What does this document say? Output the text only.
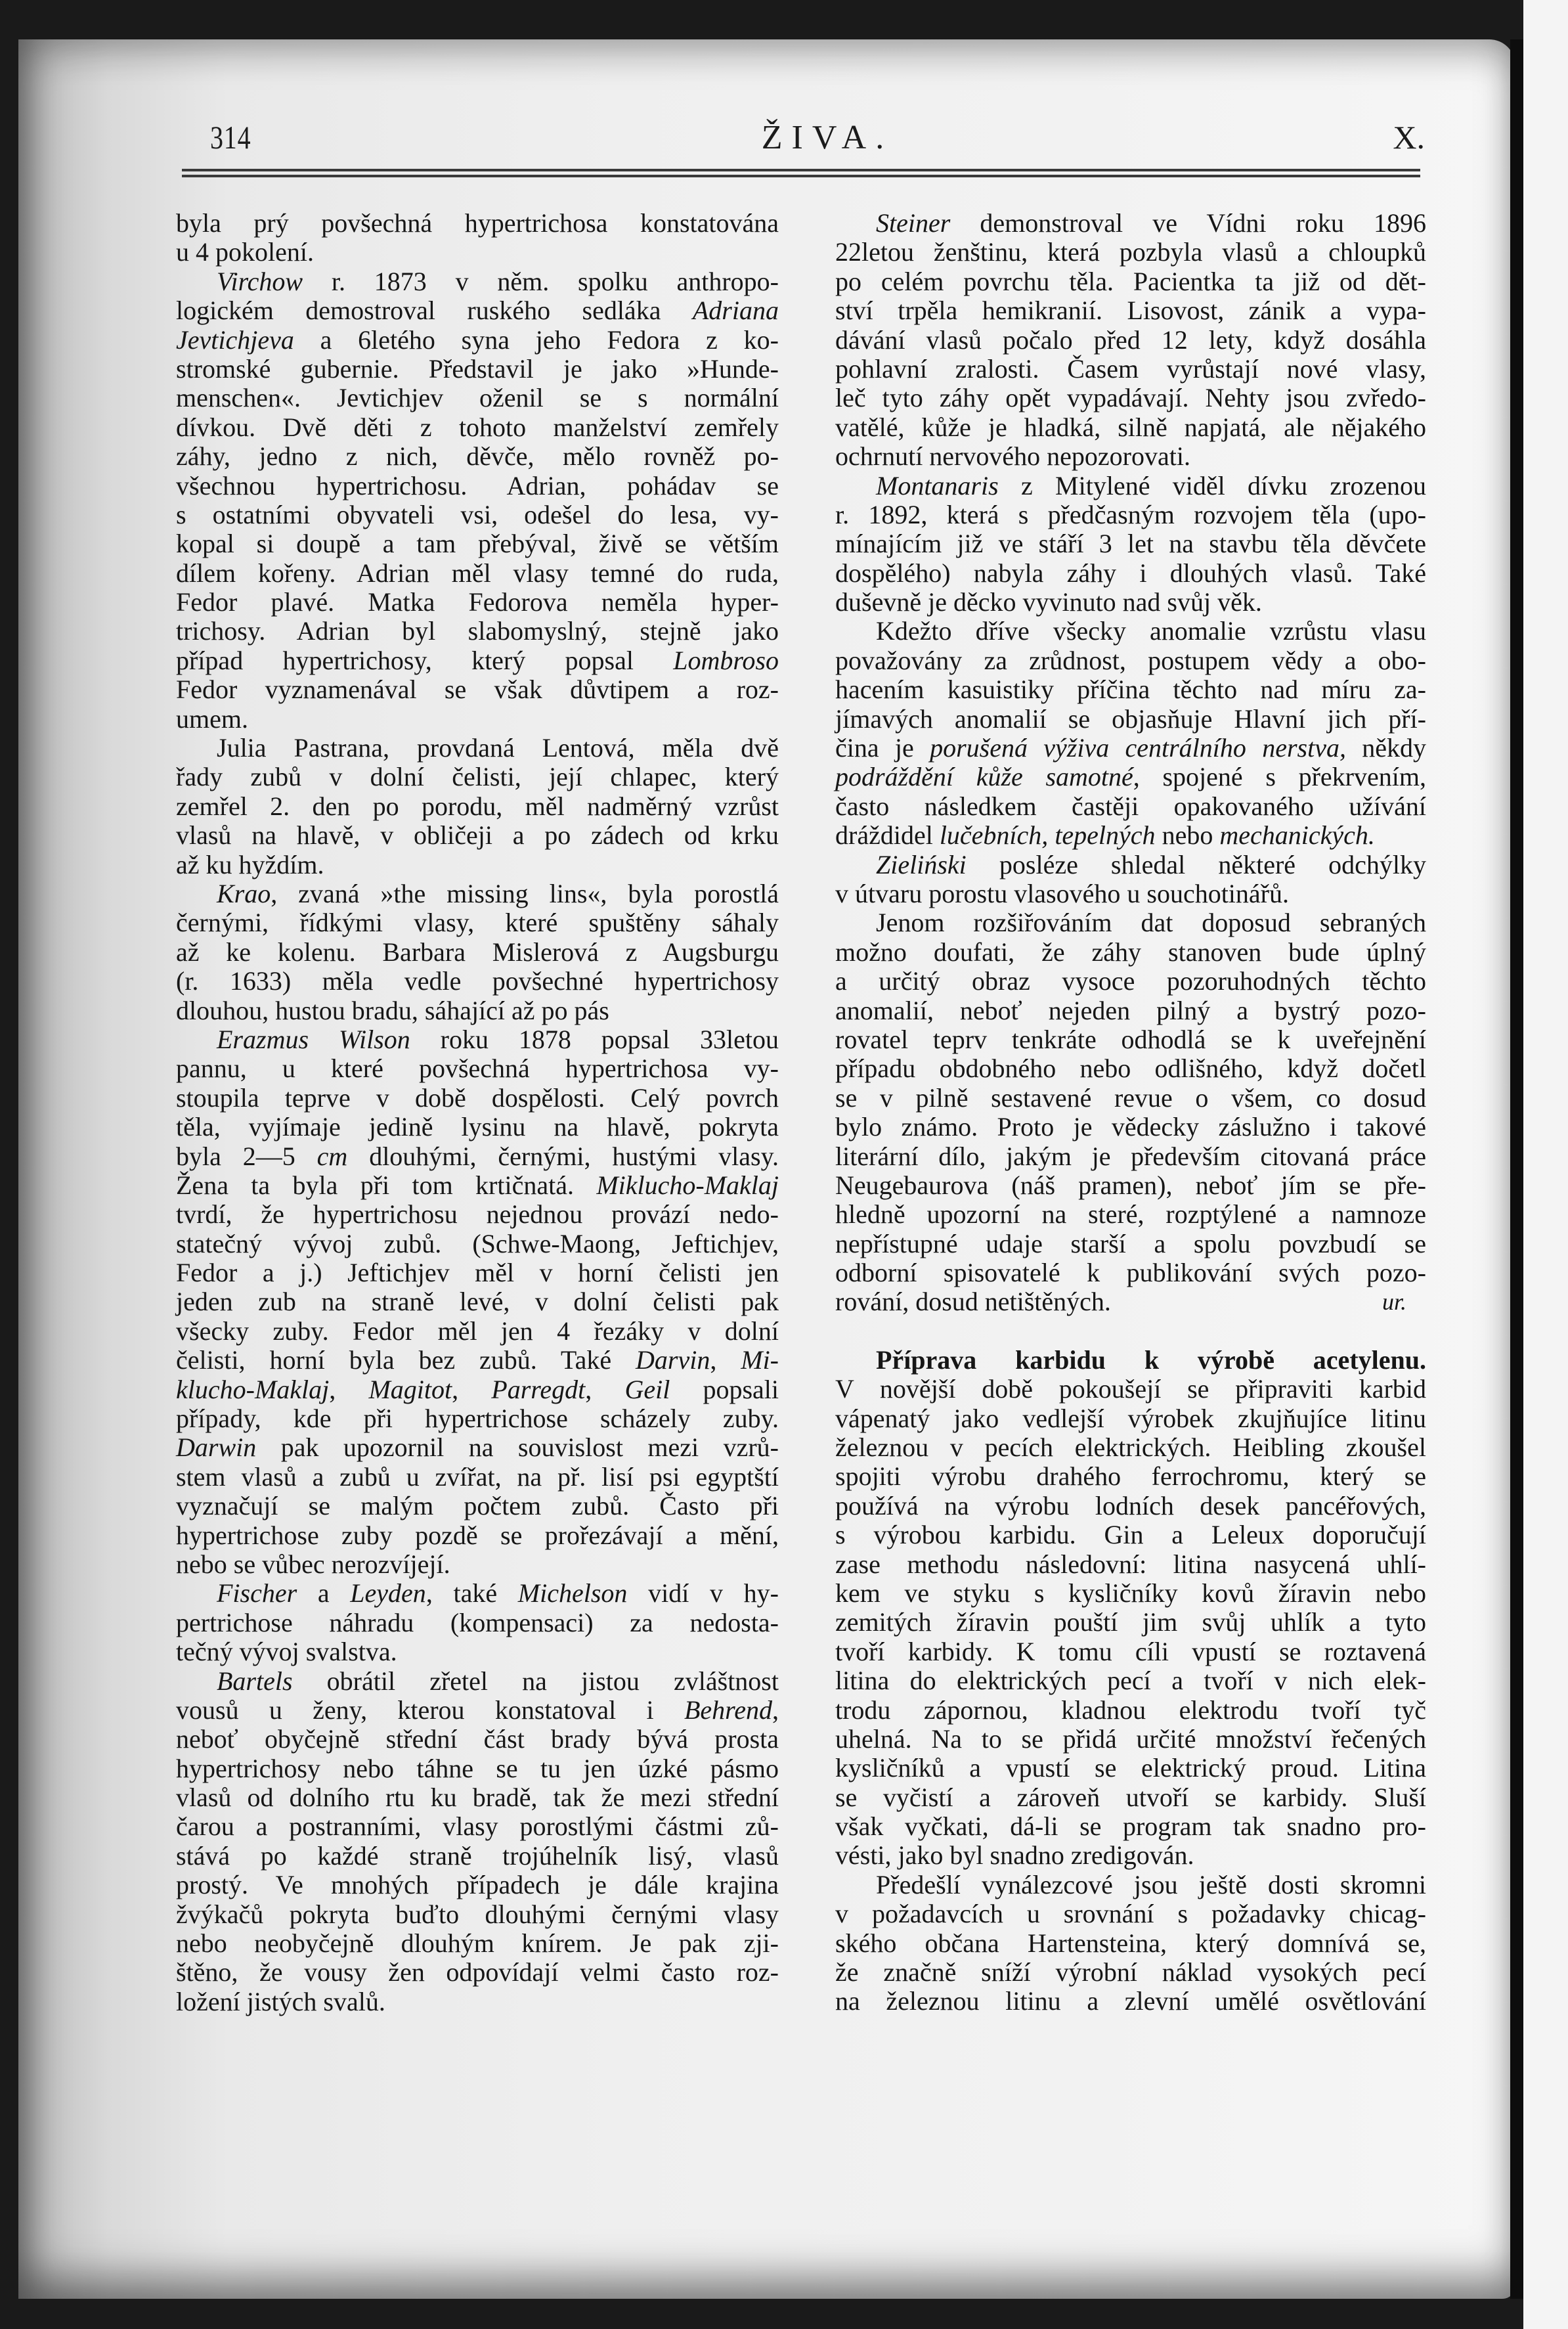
314	ŽIVA.	X.
byla prý povšechná hypertrichosa konstatována
u 4 pokolení.
Virchow r. 1873 v něm. spolku anthropo-
logickém demostroval ruského sedláka Adriana
Jevtichjeva a 6letého syna jeho Fedora z ko-
stromské gubernie. Představil je jako »Hunde-
menschen«. Jevtichjev oženil se s normální
dívkou. Dvě děti z tohoto manželství zemřely
záhy, jedno z nich, děvče, mělo rovněž po-
všechnou hypertrichosu. Adrian, pohádav se
s ostatními obyvateli vsi, odešel do lesa, vy-
kopal si doupě a tam přebýval, živě se větším
dílem kořeny. Adrian měl vlasy temné do ruda,
Fedor plavé. Matka Fedorova neměla hyper-
trichosy. Adrian byl slabomyslný, stejně jako
případ hypertrichosy, který popsal Lombroso
Fedor vyznamenával se však důvtipem a roz-
umem.
Julia Pastrana, provdaná Lentová, měla dvě
řady zubů v dolní čelisti, její chlapec, který
zemřel 2. den po porodu, měl nadměrný vzrůst
vlasů na hlavě, v obličeji a po zádech od krku
až ku hyždím.
Krao, zvaná »the missing lins«, byla porostlá
černými, řídkými vlasy, které spuštěny sáhaly
až ke kolenu. Barbara Mislerová z Augsburgu
(r. 1633) měla vedle povšechné hypertrichosy
dlouhou, hustou bradu, sáhající až po pás
Erazmus Wilson roku 1878 popsal 33letou
pannu, u které povšechná hypertrichosa vy-
stoupila teprve v době dospělosti. Celý povrch
těla, vyjímaje jedině lysinu na hlavě, pokryta
byla 2—5 cm dlouhými, černými, hustými vlasy.
Žena ta byla při tom krtičnatá. Miklucho-Maklaj
tvrdí, že hypertrichosu nejednou provází nedo-
statečný vývoj zubů. (Schwe-Maong, Jeftichjev,
Fedor a j.) Jeftichjev měl v horní čelisti jen
jeden zub na straně levé, v dolní čelisti pak
všecky zuby. Fedor měl jen 4 řezáky v dolní
čelisti, horní byla bez zubů. Také Darvin, Mi-
klucho-Maklaj, Magitot, Parregdt, Geil popsali
případy, kde při hypertrichose scházely zuby.
Darwin pak upozornil na souvislost mezi vzrů-
stem vlasů a zubů u zvířat, na př. lisí psi egyptští
vyznačují se malým počtem zubů. Často při
hypertrichose zuby pozdě se prořezávají a mění,
nebo se vůbec nerozvíjejí.
Fischer a Leyden, také Michelson vidí v hy-
pertrichose náhradu (kompensaci) za nedosta-
tečný vývoj svalstva.
Bartels obrátil zřetel na jistou zvláštnost
vousů u ženy, kterou konstatoval i Behrend,
neboť obyčejně střední část brady bývá prosta
hypertrichosy nebo táhne se tu jen úzké pásmo
vlasů od dolního rtu ku bradě, tak že mezi střední
čarou a postranními, vlasy porostlými částmi zů-
stává po každé straně trojúhelník lisý, vlasů
prostý. Ve mnohých případech je dále krajina
žvýkačů pokryta buďto dlouhými černými vlasy
nebo neobyčejně dlouhým knírem. Je pak zji-
štěno, že vousy žen odpovídají velmi často roz-
ložení jistých svalů.
Steiner demonstroval ve Vídni roku 1896
22letou ženštinu, která pozbyla vlasů a chloupků
po celém povrchu těla. Pacientka ta již od dět-
ství trpěla hemikranií. Lisovost, zánik a vypa-
dávání vlasů počalo před 12 lety, když dosáhla
pohlavní zralosti. Časem vyrůstají nové vlasy,
leč tyto záhy opět vypadávají. Nehty jsou zvředo-
vatělé, kůže je hladká, silně napjatá, ale nějakého
ochrnutí nervového nepozorovati.
Montanaris z Mitylené viděl dívku zrozenou
r. 1892, která s předčasným rozvojem těla (upo-
mínajícím již ve stáří 3 let na stavbu těla děvčete
dospělého) nabyla záhy i dlouhých vlasů. Také
duševně je děcko vyvinuto nad svůj věk.
Kdežto dříve všecky anomalie vzrůstu vlasu
považovány za zrůdnost, postupem vědy a obo-
hacením kasuistiky příčina těchto nad míru za-
jímavých anomalií se objasňuje Hlavní jich pří-
čina je porušená výživa centrálního nerstva, někdy
podráždění kůže samotné, spojené s překrvením,
často následkem častěji opakovaného užívání
dráždidel lučebních, tepelných nebo mechanických.
Zieliński posléze shledal některé odchýlky
v útvaru porostu vlasového u souchotinářů.
Jenom rozšiřováním dat doposud sebraných
možno doufati, že záhy stanoven bude úplný
a určitý obraz vysoce pozoruhodných těchto
anomalií, neboť nejeden pilný a bystrý pozo-
rovatel teprv tenkráte odhodlá se k uveřejnění
případu obdobného nebo odlišného, když dočetl
se v pilně sestavené revue o všem, co dosud
bylo známo. Proto je vědecky záslužno i takové
literární dílo, jakým je především citovaná práce
Neugebaurova (náš pramen), neboť jím se pře-
hledně upozorní na steré, rozptýlené a namnoze
nepřístupné udaje starší a spolu povzbudí se
odborní spisovatelé k publikování svých pozo-
rování, dosud netištěných.	ur.
Příprava karbidu k výrobě acetylenu.
V novější době pokoušejí se připraviti karbid
vápenatý jako vedlejší výrobek zkujňujíce litinu
železnou v pecích elektrických. Heibling zkoušel
spojiti výrobu drahého ferrochromu, který se
používá na výrobu lodních desek pancéřových,
s výrobou karbidu. Gin a Leleux doporučují
zase methodu následovní: litina nasycená uhlí-
kem ve styku s kysličníky kovů žíravin nebo
zemitých žíravin pouští jim svůj uhlík a tyto
tvoří karbidy. K tomu cíli vpustí se roztavená
litina do elektrických pecí a tvoří v nich elek-
trodu zápornou, kladnou elektrodu tvoří tyč
uhelná. Na to se přidá určité množství řečených
kysličníků a vpustí se elektrický proud. Litina
se vyčistí a zároveň utvoří se karbidy. Sluší
však vyčkati, dá-li se program tak snadno pro-
vésti, jako byl snadno zredigován.
Předešlí vynálezcové jsou ještě dosti skromni
v požadavcích u srovnání s požadavky chicag-
ského občana Hartensteina, který domnívá se,
že značně sníží výrobní náklad vysokých pecí
na železnou litinu a zlevní umělé osvětlování
